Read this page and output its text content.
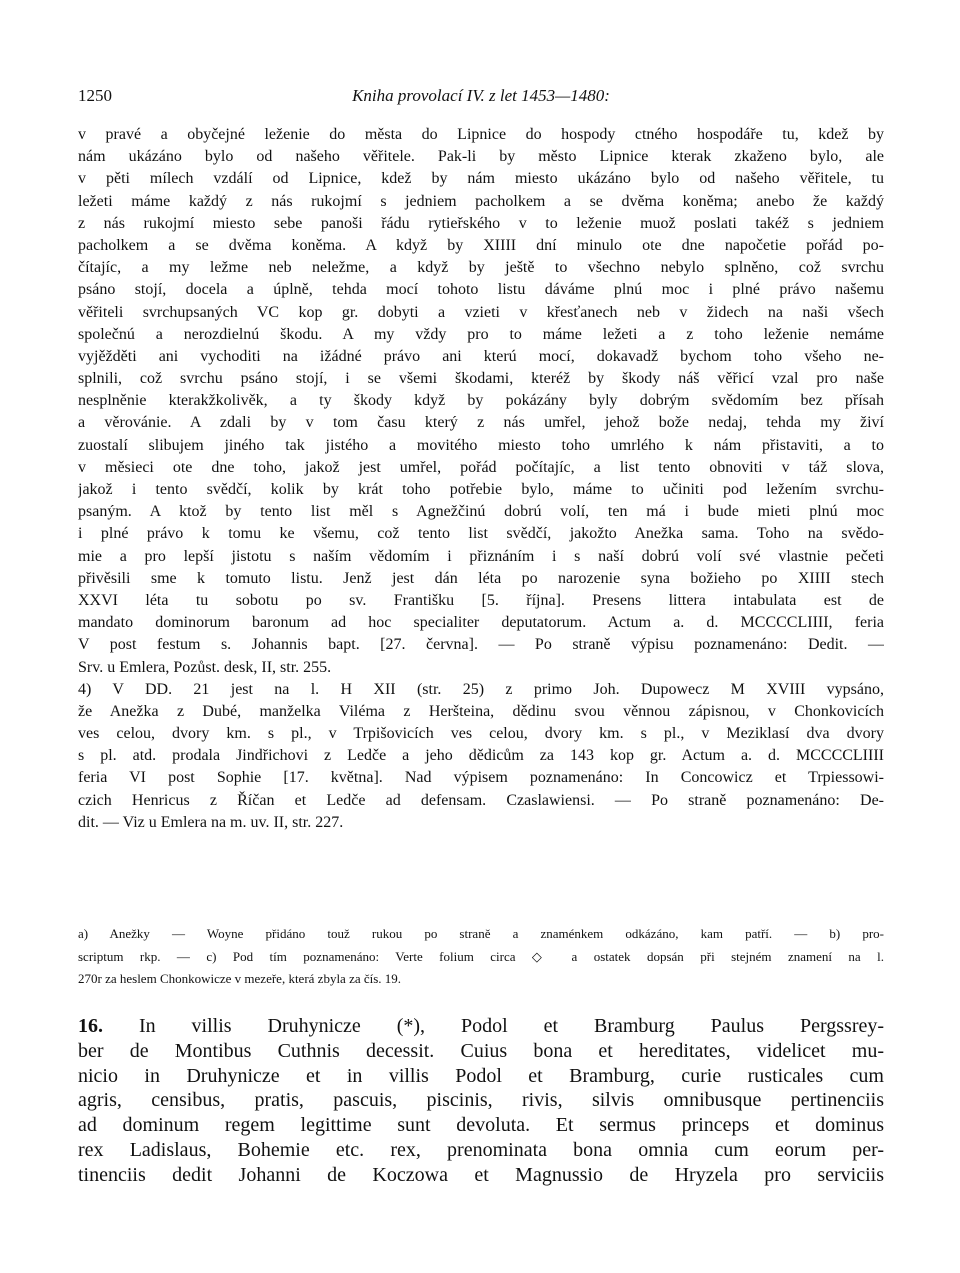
1250	Kniha provolací IV. z let 1453—1480:
v pravé a obyčejné leženie do města do Lipnice do hospody ctného hospodáře tu, kdež by
nám ukázáno bylo od našeho věřitele. Pak-li by město Lipnice kterak zkaženo bylo, ale
v pěti mílech vzdálí od Lipnice, kdež by nám miesto ukázáno bylo od našeho věřitele, tu
ležeti máme každý z nás rukojmí s jedniem pacholkem a se dvěma koněma; anebo že každý
z nás rukojmí miesto sebe panoši řádu rytieřského v to leženie muož poslati takéž s jedniem
pacholkem a se dvěma koněma. A když by XIIII dní minulo ote dne napočetie pořád po-
čítajíc, a my ležme neb neležme, a když by ještě to všechno nebylo splněno, což svrchu
psáno stojí, docela a úplně, tehda mocí tohoto listu dáváme plnú moc i plné právo našemu
věřiteli svrchupsaných VC kop gr. dobyti a vzieti v křesťanech neb v židech na naši všech
společnú a nerozdielnú škodu. A my vždy pro to máme ležeti a z toho leženie nemáme
vyjěžděti ani vychoditi na ižádné právo ani kterú mocí, dokavadž bychom toho všeho ne-
splnili, což svrchu psáno stojí, i se všemi škodami, kteréž by škody náš věřicí vzal pro naše
nesplněnie kterakžkolivěk, a ty škody když by pokázány byly dobrým svědomím bez přísah
a věrovánie. A zdali by v tom času který z nás umřel, jehož bože nedaj, tehda my živí
zuostalí slibujem jiného tak jistého a movitého miesto toho umrlého k nám přistaviti, a to
v měsieci ote dne toho, jakož jest umřel, pořád počítajíc, a list tento obnoviti v táž slova,
jakož i tento svědčí, kolik by krát toho potřebie bylo, máme to učiniti pod ležením svrchu-
psaným. A ktož by tento list měl s Agnežčinú dobrú volí, ten má i bude mieti plnú moc
i plné právo k tomu ke všemu, což tento list svědčí, jakožto Anežka sama. Toho na svědo-
mie a pro lepší jistotu s naším vědomím i přiznáním i s naší dobrú volí své vlastnie pečeti
přivěsili sme k tomuto listu. Jenž jest dán léta po narozenie syna božieho po XIIII stech
XXVI léta tu sobotu po sv. Františku [5. října]. Presens littera intabulata est de
mandato dominorum baronum ad hoc specialiter deputatorum. Actum a. d. MCCCCLIIII, feria
V post festum s. Johannis bapt. [27. června]. — Po straně výpisu poznamenáno: Dedit. —
Srv. u Emlera, Pozůst. desk, II, str. 255.
4) V DD. 21 jest na l. H XII (str. 25) z primo Joh. Dupowecz M XVIII vypsáno,
že Anežka z Dubé, manželka Viléma z Heršteina, dědinu svou věnnou zápisnou, v Chonkovicích
ves celou, dvory km. s pl., v Trpišovicích ves celou, dvory km. s pl., v Meziklasí dva dvory
s pl. atd. prodala Jindřichovi z Ledče a jeho dědicům za 143 kop gr. Actum a. d. MCCCCLIIII
feria VI post Sophie [17. května]. Nad výpisem poznamenáno: In Concowicz et Trpiessowi-
czich Henricus z Říčan et Ledče ad defensam. Czaslawiensi. — Po straně poznamenáno: De-
dit. — Viz u Emlera na m. uv. II, str. 227.
a) Anežky — Woyne přidáno touž rukou po straně a znaménkem odkázáno, kam patří. — b) pro-
scriptum rkp. — c) Pod tím poznamenáno: Verte folium circa ◇ a ostatek dopsán při stejném znamení na l.
270r za heslem Chonkowicze v mezeře, která zbyla za čís. 19.
16. In villis Druhynicze (*), Podol et Bramburg Paulus Pergssrey-
ber de Montibus Cuthnis decessit. Cuius bona et hereditates, videlicet mu-
nicio in Druhynicze et in villis Podol et Bramburg, curie rusticales cum
agris, censibus, pratis, pascuis, piscinis, rivis, silvis omnibusque pertinenciis
ad dominum regem legittime sunt devoluta. Et sermus princeps et dominus
rex Ladislaus, Bohemie etc. rex, prenominata bona omnia cum eorum per-
tinenciis dedit Johanni de Koczowa et Magnussio de Hryzela pro serviciis
